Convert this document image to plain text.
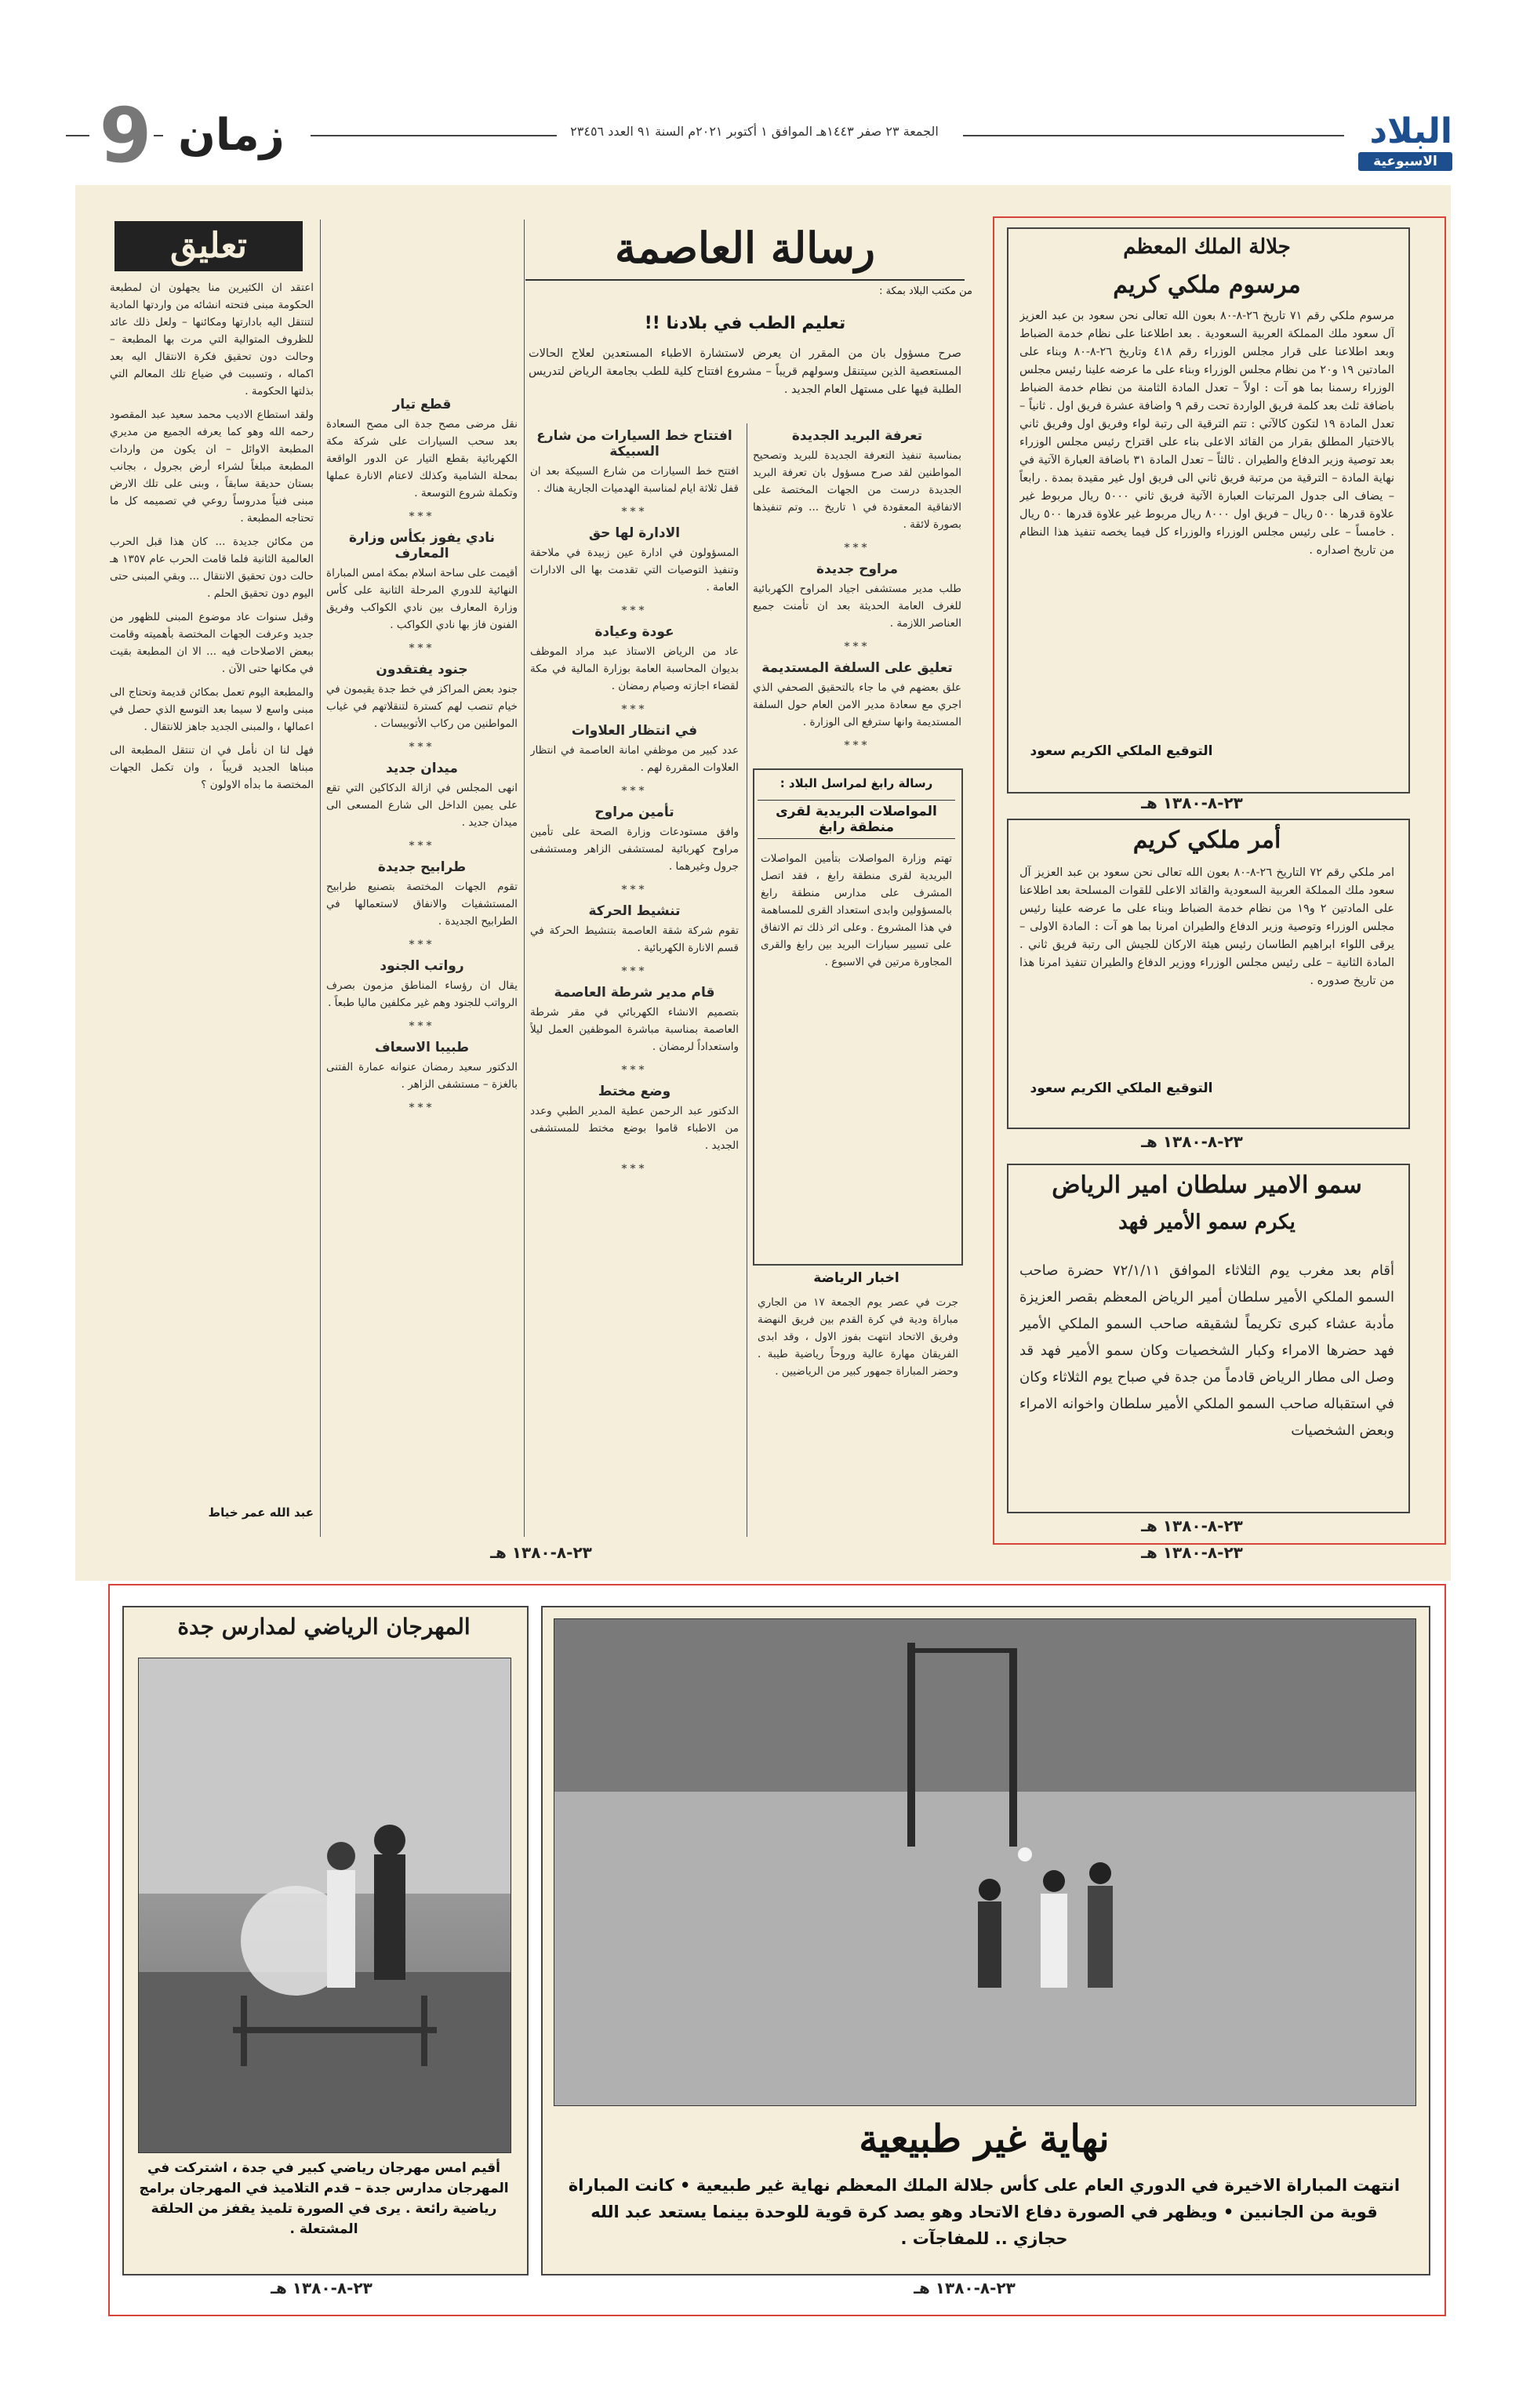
البلاد
الاسبوعية
الجمعة ٢٣ صفر ١٤٤٣هـ الموافق ١ أكتوبر ٢٠٢١م السنة ٩١ العدد ٢٣٤٥٦
زمان
9
جلالة الملك المعظم
مرسوم ملكي كريم
مرسوم ملكي رقم ٧١ تاريخ ٢٦-٨-٨٠ بعون الله تعالى نحن سعود بن عبد العزيز آل سعود ملك المملكة العربية السعودية . بعد اطلاعنا على نظام خدمة الضباط وبعد اطلاعنا على قرار مجلس الوزراء رقم ٤١٨ وتاريخ ٢٦-٨-٨٠ وبناء على المادتين ١٩ و٢٠ من نظام مجلس الوزراء وبناء على ما عرضه علينا رئيس مجلس الوزراء رسمنا بما هو آت : اولاً – تعدل المادة الثامنة من نظام خدمة الضباط باضافة ثلث بعد كلمة فريق الواردة تحت رقم ٩ واضافة عشرة فريق اول . ثانياً – تعدل المادة ١٩ لتكون كالآتي : تتم الترقية الى رتبة لواء وفريق اول وفريق ثاني بالاختيار المطلق بقرار من القائد الاعلى بناء على اقتراح رئيس مجلس الوزراء بعد توصية وزير الدفاع والطيران . ثالثاً – تعدل المادة ٣١ باضافة العبارة الآتية في نهاية المادة – الترقية من مرتبة فريق ثاني الى فريق اول غير مقيدة بمدة . رابعاً – يضاف الى جدول المرتبات العبارة الآتية فريق ثاني ٥٠٠٠ ريال مربوط غير علاوة قدرها ٥٠٠ ريال – فريق اول ٨٠٠٠ ريال مربوط غير علاوة قدرها ٥٠٠ ريال . خامساً – على رئيس مجلس الوزراء والوزراء كل فيما يخصه تنفيذ هذا النظام من تاريخ اصداره .
التوقيع الملكي الكريم سعود
٢٣-٨-١٣٨٠ هـ
أمر ملكي كريم
امر ملكي رقم ٧٢ التاريخ ٢٦-٨-٨٠ بعون الله تعالى نحن سعود بن عبد العزيز آل سعود ملك المملكة العربية السعودية والقائد الاعلى للقوات المسلحة بعد اطلاعنا على المادتين ٢ و١٩ من نظام خدمة الضباط وبناء على ما عرضه علينا رئيس مجلس الوزراء وتوصية وزير الدفاع والطيران امرنا بما هو آت : المادة الاولى – يرقى اللواء ابراهيم الطاسان رئيس هيئة الاركان للجيش الى رتبة فريق ثاني . المادة الثانية – على رئيس مجلس الوزراء ووزير الدفاع والطيران تنفيذ امرنا هذا من تاريخ صدوره .
التوقيع الملكي الكريم سعود
٢٣-٨-١٣٨٠ هـ
سمو الامير سلطان امير الرياض
يكرم سمو الأمير فهد
أقام بعد مغرب يوم الثلاثاء الموافق ٧٢/١/١١ حضرة صاحب السمو الملكي الأمير سلطان أمير الرياض المعظم بقصر العزيزة مأدبة عشاء كبرى تكريماً لشقيقه صاحب السمو الملكي الأمير فهد حضرها الامراء وكبار الشخصيات وكان سمو الأمير فهد قد وصل الى مطار الرياض قادماً من جدة في صباح يوم الثلاثاء وكان في استقباله صاحب السمو الملكي الأمير سلطان واخوانه الامراء وبعض الشخصيات
٢٣-٨-١٣٨٠ هـ
رسالة العاصمة
من مكتب البلاد بمكة :
تعليم الطب في بلادنا !!
صرح مسؤول بان من المقرر ان يعرض لاستشارة الاطباء المستعدين لعلاج الحالات المستعصية الذين سيتنقل وسولهم قريباً – مشروع افتتاح كلية للطب بجامعة الرياض لتدريس الطلبة فيها على مستهل العام الجديد .
تعرفة البريد الجديدة

بمناسبة تنفيذ التعرفة الجديدة للبريد وتصحيح المواطنين لقد صرح مسؤول بان تعرفة البريد الجديدة درست من الجهات المختصة على الاتفاقية المعقودة في ١ تاريخ ... وتم تنفيذها بصورة لائقة .

***
مراوح جديدة

طلب مدير مستشفى اجياد المراوح الكهربائية للغرف العامة الحديثة بعد ان تأمنت جميع العناصر اللازمة .

***
تعليق على السلفة المستديمة

علق بعضهم في ما جاء بالتحقيق الصحفي الذي اجري مع سعادة مدير الامن العام حول السلفة المستديمة وانها سترفع الى الوزارة .

***
افتتاح خط السيارات من شارع السبيكة

افتتح خط السيارات من شارع السبيكة بعد ان قفل ثلاثة ايام لمناسبة الهدميات الجارية هناك .

***
الادارة لها حق

المسؤولون في ادارة عين زبيدة في ملاحقة وتنفيذ التوصيات التي تقدمت بها الى الادارات العامة .

***
عودة وعيادة

عاد من الرياض الاستاذ عبد مراد الموظف بديوان المحاسبة العامة بوزارة المالية في مكة لقضاء اجازته وصيام رمضان .

***
في انتظار العلاوات

عدد كبير من موظفي امانة العاصمة في انتظار العلاوات المقررة لهم .

***
تأمين مراوح

وافق مستودعات وزارة الصحة على تأمين مراوح كهربائية لمستشفى الزاهر ومستشفى جرول وغيرهما .

***
تنشيط الحركة

تقوم شركة شقة العاصمة بتنشيط الحركة في قسم الانارة الكهربائية .

***
قام مدير شرطة العاصمة

بتصميم الانشاء الكهربائي في مقر شرطة العاصمة بمناسبة مباشرة الموظفين العمل ليلاً واستعداداً لرمضان .

***
وضع مختط

الدكتور عبد الرحمن عطية المدير الطبي وعدد من الاطباء قاموا بوضع مختط للمستشفى الجديد .

***
رسالة رابغ لمراسل البلاد :
المواصلات البريدية لقرى منطقة رابغ
تهتم وزارة المواصلات بتأمين المواصلات البريدية لقرى منطقة رابغ ، فقد اتصل المشرف على مدارس منطقة رابغ بالمسؤولين وابدى استعداد القرى للمساهمة في هذا المشروع . وعلى اثر ذلك تم الاتفاق على تسيير سيارات البريد بين رابغ والقرى المجاورة مرتين في الاسبوع .
اخبار الرياضة
جرت في عصر يوم الجمعة ١٧ من الجاري مباراة ودية في كرة القدم بين فريق النهضة وفريق الاتحاد انتهت بفوز الاول ، وقد ابدى الفريقان مهارة عالية وروحاً رياضية طيبة . وحضر المباراة جمهور كبير من الرياضيين .
قطع تيار

نقل مرضى مصح جدة الى مصح السعادة بعد سحب السيارات على شركة مكة الكهربائية بقطع التيار عن الدور الواقعة بمحلة الشامية وكذلك لاعتام الانارة عملها وتكملة شروع التوسعة .

***
نادي يفوز بكأس وزارة المعارف

أقيمت على ساحة اسلام بمكة امس المباراة النهائية للدوري المرحلة الثانية على كأس وزارة المعارف بين نادي الكواكب وفريق الفنون فاز بها نادي الكواكب .

***
جنود يفتقدون

جنود بعض المراكز في خط جدة يقيمون في خيام تنصب لهم كسترة لتنقلاتهم في غياب المواطنين من ركاب الأتوبيسات .

***
ميدان جديد

انهى المجلس في ازالة الدكاكين التي تقع على يمين الداخل الى شارع المسعى الى ميدان جديد .

***
طرابيح جديدة

تقوم الجهات المختصة بتصنيع طرابيح المستشفيات والانفاق لاستعمالها في الطرابيح الجديدة .

***
رواتب الجنود

يقال ان رؤساء المناطق مزمون بصرف الرواتب للجنود وهم غير مكلفين ماليا طبعاً .

***
طبيبا الاسعاف

الدكتور سعيد رمضان عنوانه عمارة الفتنى بالغزة – مستشفى الزاهر .

***
تعليق

اعتقد ان الكثيرين منا يجهلون ان لمطبعة الحكومة مبنى فتحته انشائه من واردتها المادية لتنتقل اليه بادارتها ومكائنها – ولعل ذلك عائد للظروف المتوالية التي مرت بها المطبعة – وحالت دون تحقيق فكرة الانتقال اليه بعد اكماله ، وتسببت في ضياع تلك المعالم التي بذلتها الحكومة .

ولقد استطاع الاديب محمد سعيد عبد المقصود رحمه الله وهو كما يعرفه الجميع من مديري المطبعة الاوائل – ان يكون من واردات المطبعة مبلغاً لشراء أرض بجرول ، بجانب بستان حديقة سابقاً ، وبنى على تلك الارض مبنى فنياً مدروساً روعي في تصميمه كل ما تحتاجه المطبعة .

من مكائن جديدة ... كان هذا قبل الحرب العالمية الثانية فلما قامت الحرب عام ١٣٥٧ هـ حالت دون تحقيق الانتقال ... وبقي المبنى حتى اليوم دون تحقيق الحلم .

وقبل سنوات عاد موضوع المبنى للظهور من جديد وعرفت الجهات المختصة بأهميته وقامت ببعض الاصلاحات فيه ... الا ان المطبعة بقيت في مكانها حتى الآن .

والمطبعة اليوم تعمل بمكائن قديمة وتحتاج الى مبنى واسع لا سيما بعد التوسع الذي حصل في اعمالها ، والمبنى الجديد جاهز للانتقال .

فهل لنا ان نأمل في ان تنتقل المطبعة الى مبناها الجديد قريباً ، وان تكمل الجهات المختصة ما بدأه الاولون ؟

عبد الله عمر خياط
٢٣-٨-١٣٨٠ هـ	٢٣-٨-١٣٨٠ هـ
المهرجان الرياضي لمدارس جدة
أقيم امس مهرجان رياضي كبير في جدة ، اشتركت في المهرجان مدارس جدة – قدم التلاميذ في المهرجان برامج رياضية رائعة . يرى في الصورة تلميذ يقفز من الحلقة المشتعلة .
٢٣-٨-١٣٨٠ هـ
نهاية غير طبيعية
انتهت المباراة الاخيرة في الدوري العام على كأس جلالة الملك المعظم نهاية غير طبيعية • كانت المباراة قوية من الجانبين • ويظهر في الصورة دفاع الاتحاد وهو يصد كرة قوية للوحدة بينما يستعد عبد الله حجازي .. للمفاجآت .
٢٣-٨-١٣٨٠ هـ
